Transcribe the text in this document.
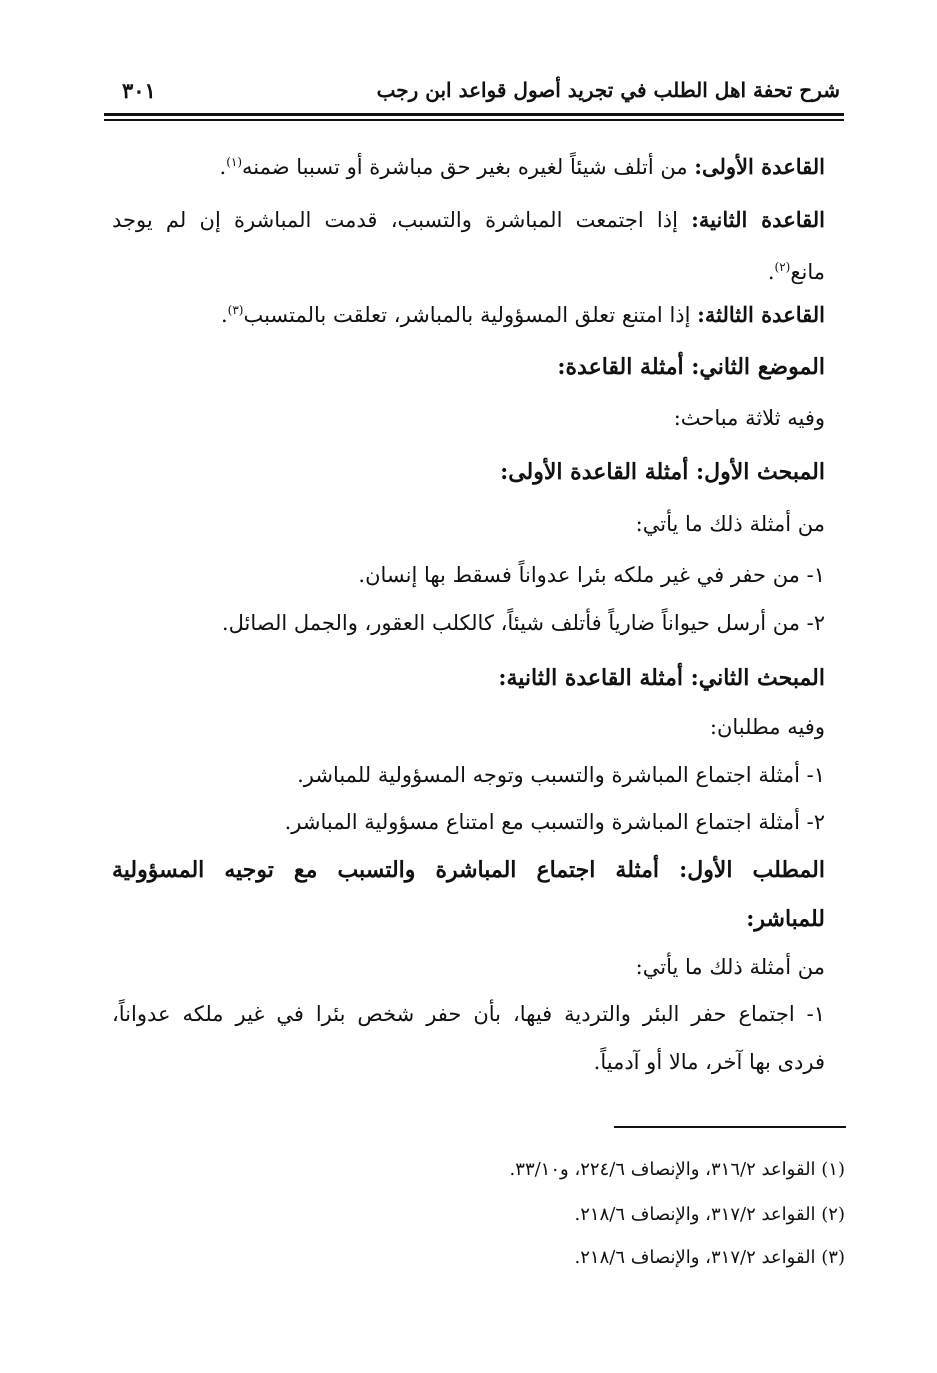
شرح تحفة اهل الطلب في تجريد أصول قواعد ابن رجب
٣٠١
القاعدة الأولى: من أتلف شيئاً لغيره بغير حق مباشرة أو تسببا ضمنه$^{(١)}$.
القاعدة الثانية: إذا اجتمعت المباشرة والتسبب، قدمت المباشرة إن لم يوجد
مانع$^{(٢)}$.
القاعدة الثالثة: إذا امتنع تعلق المسؤولية بالمباشر، تعلقت بالمتسبب$^{(٣)}$.
الموضع الثاني: أمثلة القاعدة:
وفيه ثلاثة مباحث:
المبحث الأول: أمثلة القاعدة الأولى:
من أمثلة ذلك ما يأتي:
١- من حفر في غير ملكه بئرا عدواناً فسقط بها إنسان.
٢- من أرسل حيواناً ضارياً فأتلف شيئاً، كالكلب العقور، والجمل الصائل.
المبحث الثاني: أمثلة القاعدة الثانية:
وفيه مطلبان:
١- أمثلة اجتماع المباشرة والتسبب وتوجه المسؤولية للمباشر.
٢- أمثلة اجتماع المباشرة والتسبب مع امتناع مسؤولية المباشر.
المطلب الأول: أمثلة اجتماع المباشرة والتسبب مع توجيه المسؤولية
للمباشر:
من أمثلة ذلك ما يأتي:
١- اجتماع حفر البئر والتردية فيها، بأن حفر شخص بئرا في غير ملكه عدواناً،
فردى بها آخر، مالا أو آدمياً.
(١) القواعد ٣١٦/٢، والإنصاف ٢٢٤/٦، و٣٣/١٠.
(٢) القواعد ٣١٧/٢، والإنصاف ٢١٨/٦.
(٣) القواعد ٣١٧/٢، والإنصاف ٢١٨/٦.
